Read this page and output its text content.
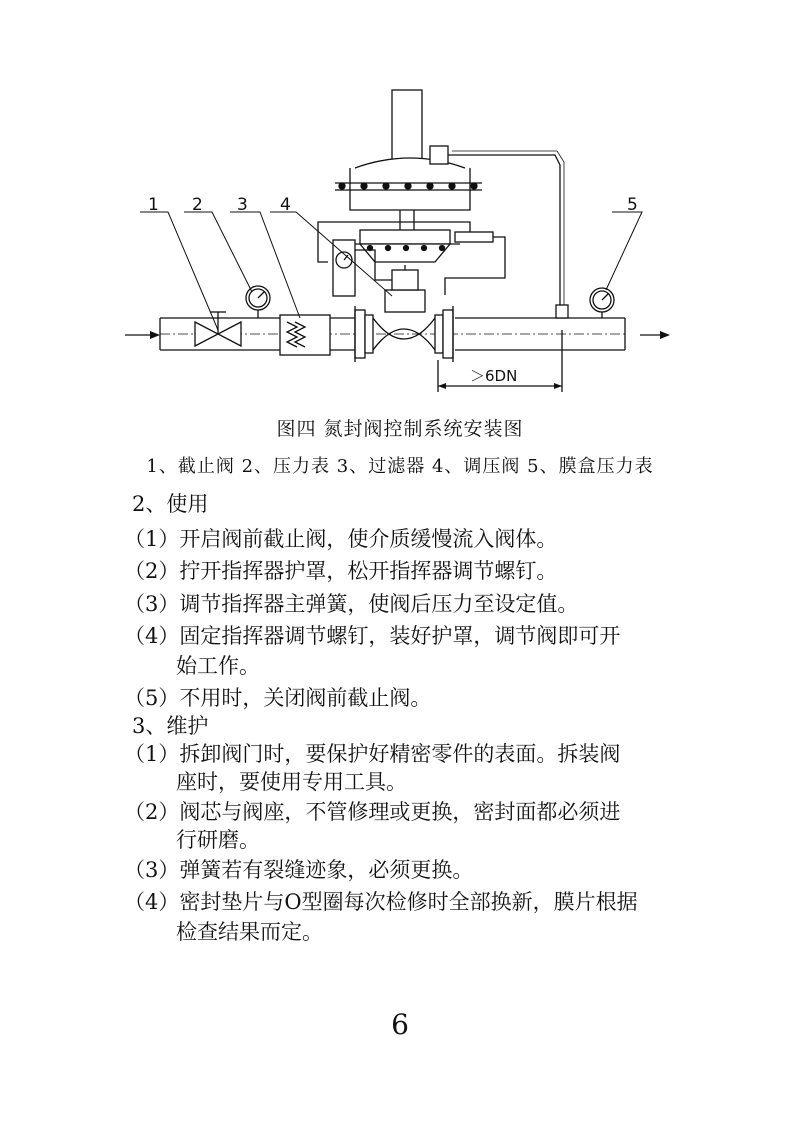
＞6DN
1 2 3 4	5
图四 氮封阀控制系统安装图
1、截止阀 2、压力表 3、过滤器 4、调压阀 5、膜盒压力表
2、使用
（1）开启阀前截止阀，使介质缓慢流入阀体。
（2）拧开指挥器护罩，松开指挥器调节螺钉。
（3）调节指挥器主弹簧，使阀后压力至设定值。
（4）固定指挥器调节螺钉，装好护罩，调节阀即可开
始工作。
（5）不用时，关闭阀前截止阀。
3、维护
（1）拆卸阀门时，要保护好精密零件的表面。拆装阀
座时，要使用专用工具。
（2）阀芯与阀座，不管修理或更换，密封面都必须进
行研磨。
（3）弹簧若有裂缝迹象，必须更换。
（4）密封垫片与O型圈每次检修时全部换新，膜片根据
检查结果而定。
6
